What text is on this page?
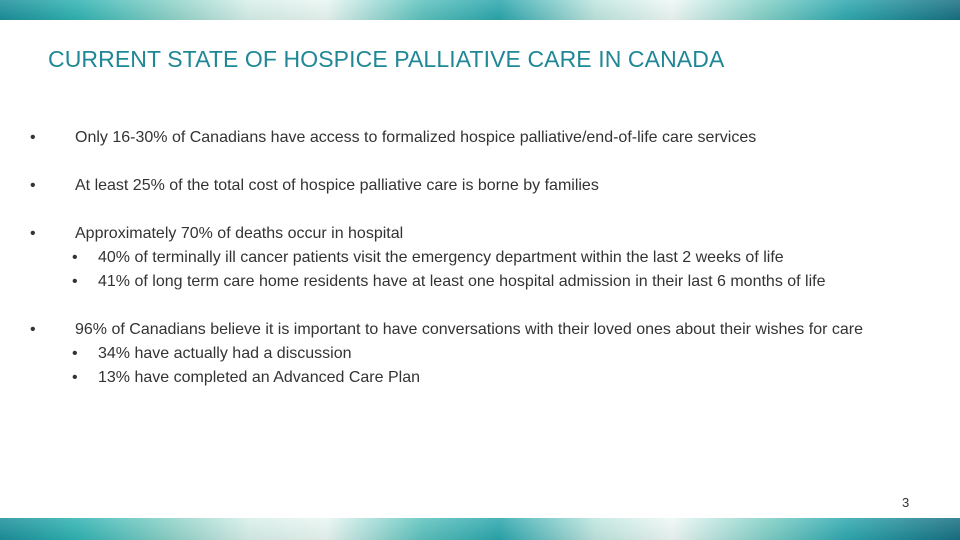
CURRENT STATE OF HOSPICE PALLIATIVE CARE IN CANADA
• Only 16-30% of Canadians have access to formalized hospice palliative/end-of-life care services
• At least 25% of the total cost of hospice palliative care is borne by families
• Approximately 70% of deaths occur in hospital
• 40% of terminally ill cancer patients visit the emergency department within the last 2 weeks of life
• 41% of long term care home residents have at least one hospital admission in their last 6 months of life
• 96% of Canadians believe it is important to have conversations with their loved ones about their wishes for care
• 34% have actually had a discussion
• 13% have completed an Advanced Care Plan
3
